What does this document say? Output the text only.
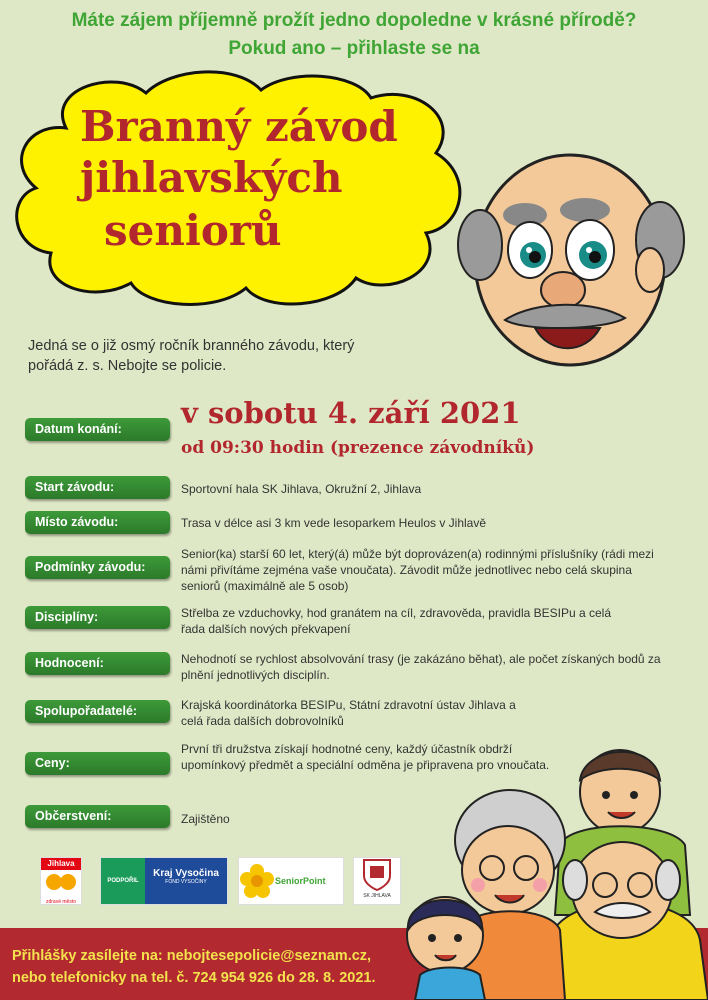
Máte zájem příjemně prožít jedno dopoledne v krásné přírodě?
Pokud ano – přihlaste se na
Branný závod
jihlavských
seniorů
Jedná se o již osmý ročník branného závodu, který pořádá z. s. Nebojte se policie.
Datum konání:	v sobotu 4. září 2021
od 09:30 hodin (prezence závodníků)
Start závodu:	Sportovní hala SK Jihlava, Okružní 2, Jihlava
Místo závodu:	Trasa v délce asi 3 km vede lesoparkem Heulos v Jihlavě
Podmínky závodu:
Senior(ka) starší 60 let, který(á) může být doprovázen(a) rodinnými příslušníky (rádi mezi námi přivítáme zejména vaše vnoučata). Závodit může jednotlivec nebo celá skupina seniorů (maximálně ale 5 osob)
Disciplíny:	Střelba ze vzduchovky, hod granátem na cíl, zdravověda, pravidla BESIPu a celá řada dalších nových překvapení
Hodnocení:	Nehodnotí se rychlost absolvování trasy (je zakázáno běhat), ale počet získaných bodů za plnění jednotlivých disciplín.
Spolupořadatelé:	Krajská koordinátorka BESIPu, Státní zdravotní ústav Jihlava a celá řada dalších dobrovolníků
Ceny:
První tři družstva získají hodnotné ceny, každý účastník obdrží upomínkový předmět a speciální odměna je připravena pro vnoučata.
Občerstvení:	Zajištěno
Jihlava
zdravé město
PODPOŘIL
Kraj Vysočina
FOND VYSOČINY	SeniorPoint
SK JIHLAVA
Přihlášky zasílejte na: nebojtesepolicie@seznam.cz,
nebo telefonicky na tel. č. 724 954 926 do 28. 8. 2021.
